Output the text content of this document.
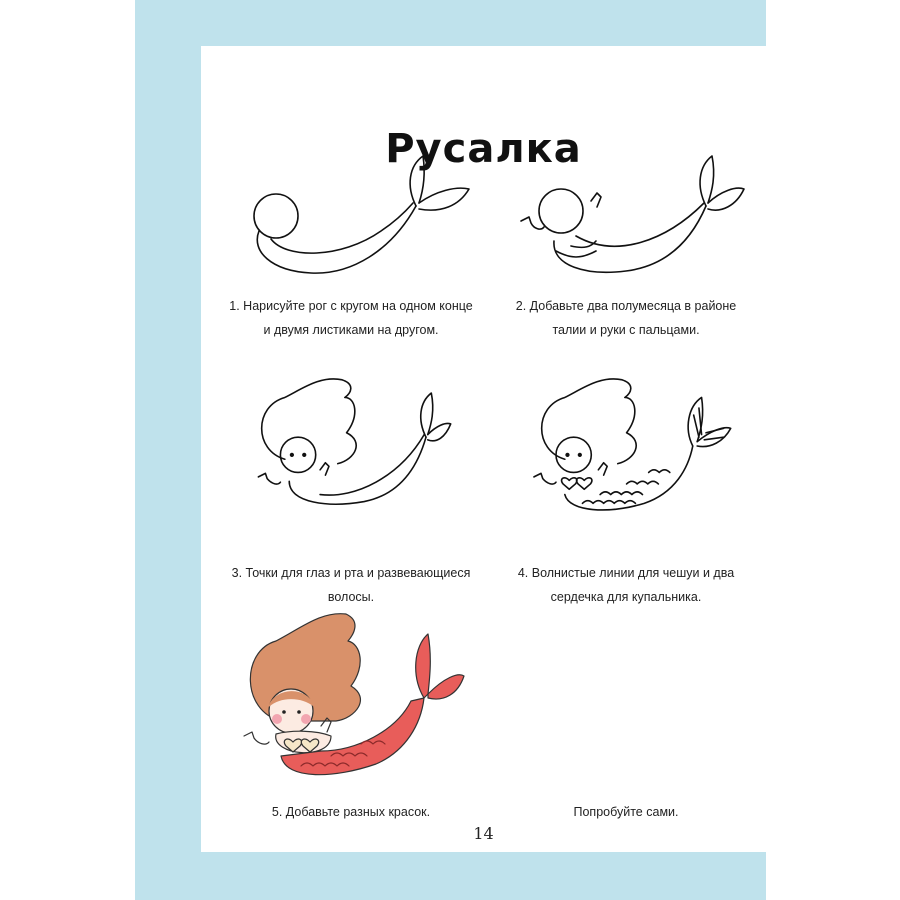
Русалка
1. Нарисуйте рог с кругом на одном конце и двумя листиками на другом.
2. Добавьте два полумесяца в районе талии и руки с пальцами.
3. Точки для глаз и рта и развевающиеся волосы.
4. Волнистые линии для чешуи и два сердечка для купальника.
5. Добавьте разных красок.	Попробуйте сами.
14
